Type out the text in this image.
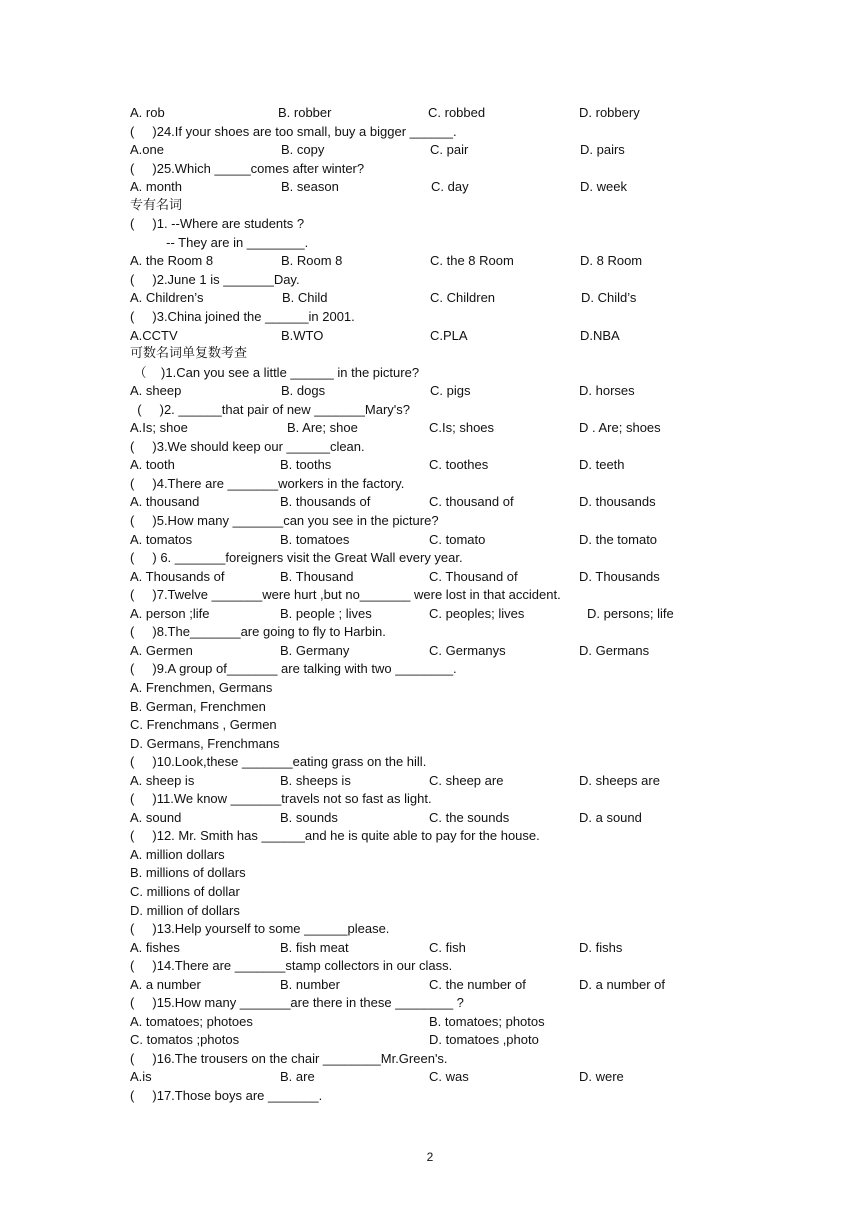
A. rob	B. robber	C. robbed	D. robbery
(     )24.If your shoes are too small, buy a bigger ______.
A.one	B. copy	C. pair	D. pairs
(     )25.Which _____comes after winter?
A. month	B. season	C. day	D. week
专有名词
(     )1. --Where are students ?
-- They are in ________.
A. the Room 8	B. Room 8	C. the 8 Room	D. 8 Room
(     )2.June 1 is _______Day.
A. Children’s	B. Child	C. Children	D. Child’s
(     )3.China joined the ______in 2001.
A.CCTV	B.WTO	C.PLA	D.NBA
可数名词单复数考查
（    )1.Can you see a little ______ in the picture?
A. sheep	B. dogs	C. pigs	D. horses
(     )2. ______that pair of new _______Mary's?
A.Is; shoe	B. Are; shoe	C.Is; shoes	D . Are; shoes
(     )3.We should keep our ______clean.
A. tooth	B. tooths	C. toothes	D. teeth
(     )4.There are _______workers in the factory.
A. thousand	B. thousands of	C. thousand of	D. thousands
(     )5.How many _______can you see in the picture?
A. tomatos	B. tomatoes	C. tomato	D. the tomato
(     ) 6. _______foreigners visit the Great Wall every year.
A. Thousands of	B. Thousand	C. Thousand of	D. Thousands
(     )7.Twelve _______were hurt ,but no_______ were lost in that accident.
A. person ;life	B. people ; lives	C. peoples; lives	D. persons; life
(     )8.The_______are going to fly to Harbin.
A. Germen	B. Germany	C. Germanys	D. Germans
(     )9.A group of_______ are talking with two ________.
A. Frenchmen, Germans
B. German, Frenchmen
C. Frenchmans , Germen
D. Germans, Frenchmans
(     )10.Look,these _______eating grass on the hill.
A. sheep is	B. sheeps is	C. sheep are	D. sheeps are
(     )11.We know _______travels not so fast as light.
A. sound	B. sounds	C. the sounds	D. a sound
(     )12. Mr. Smith has ______and he is quite able to pay for the house.
A. million dollars
B. millions of dollars
C. millions of dollar
D. million of dollars
(     )13.Help yourself to some ______please.
A. fishes	B. fish meat	C. fish	D. fishs
(     )14.There are _______stamp collectors in our class.
A. a number	B. number	C. the number of	D. a number of
(     )15.How many _______are there in these ________ ?
A. tomatoes; photoes	B. tomatoes; photos
C. tomatos ;photos	D. tomatoes ,photo
(     )16.The trousers on the chair ________Mr.Green's.
A.is	B. are	C. was	D. were
(     )17.Those boys are _______.
2
